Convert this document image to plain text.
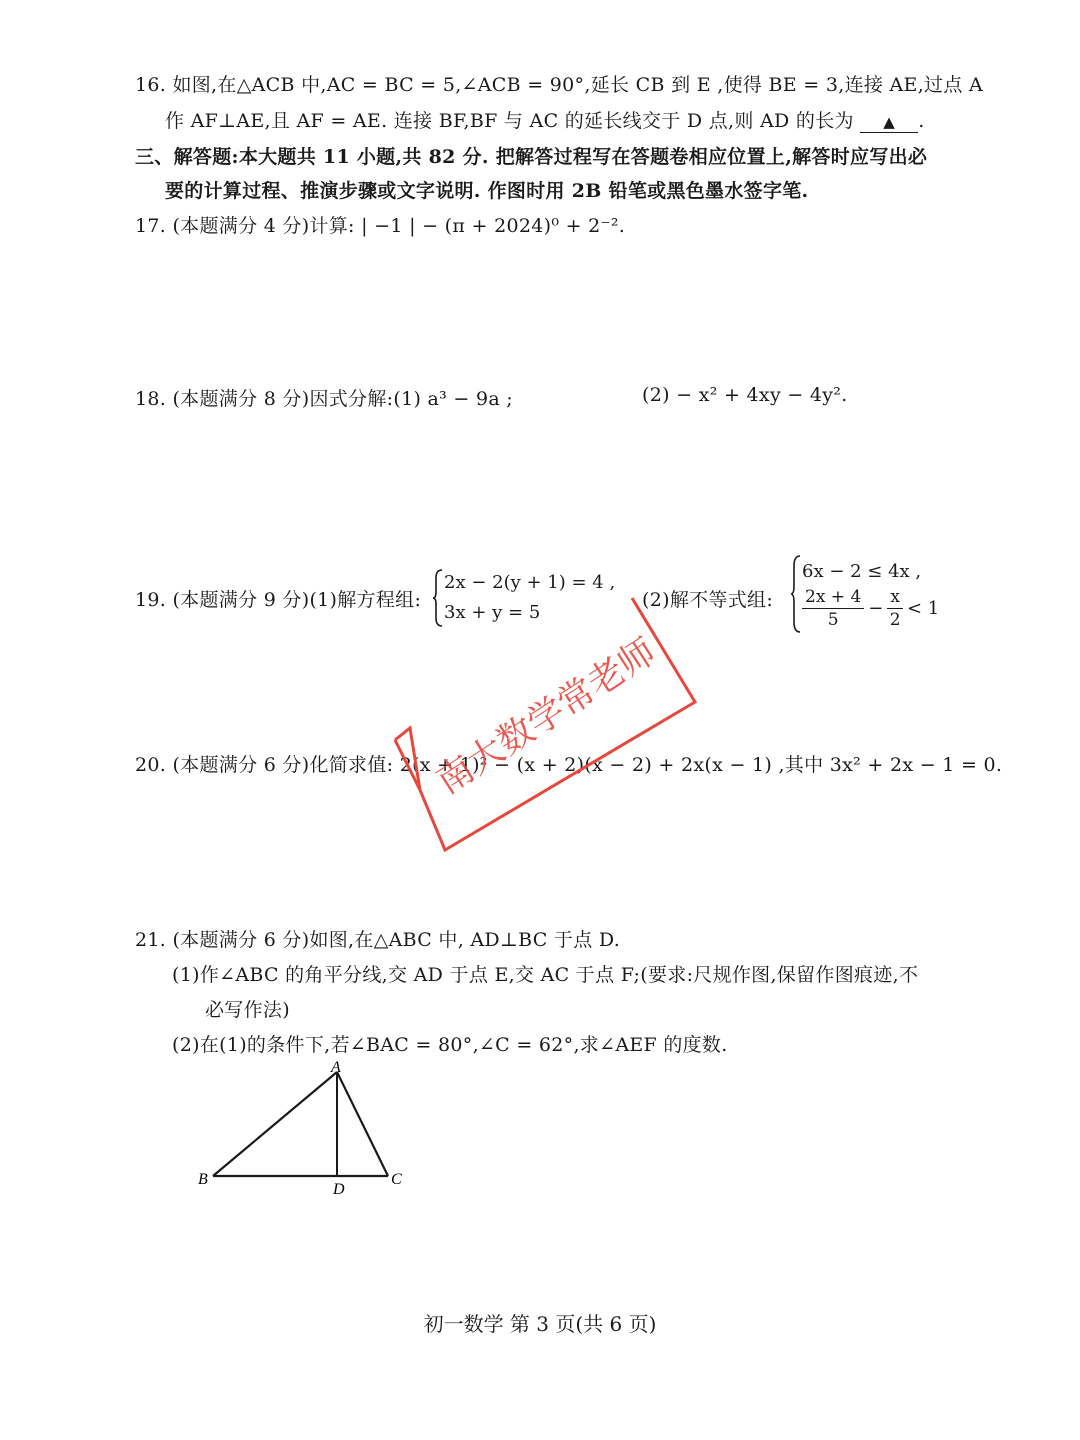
16. 如图,在△ACB 中,AC = BC = 5,∠ACB = 90°,延长 CB 到 E ,使得 BE = 3,连接 AE,过点 A
作 AF⊥AE,且 AF = AE. 连接 BF,BF 与 AC 的延长线交于 D 点,则 AD 的长为 ▲ .
三、解答题:本大题共 11 小题,共 82 分. 把解答过程写在答题卷相应位置上,解答时应写出必
要的计算过程、推演步骤或文字说明. 作图时用 2B 铅笔或黑色墨水签字笔.
17. (本题满分 4 分)计算: | −1 | − (π + 2024)⁰ + 2⁻².
18. (本题满分 8 分)因式分解:(1) a³ − 9a ;	(2) − x² + 4xy − 4y².
19. (本题满分 9 分)(1)解方程组:
2x − 2(y + 1) = 4 ,
3x + y = 5
(2)解不等式组:
6x − 2 ≤ 4x ,
$\frac{2x + 4}{5} - \frac{x}{2} < 1$
20. (本题满分 6 分)化简求值: 2(x + 1)² − (x + 2)(x − 2) + 2x(x − 1) ,其中 3x² + 2x − 1 = 0.
21. (本题满分 6 分)如图,在△ABC 中, AD⊥BC 于点 D.
(1)作∠ABC 的角平分线,交 AD 于点 E,交 AC 于点 F;(要求:尺规作图,保留作图痕迹,不
必写作法)
(2)在(1)的条件下,若∠BAC = 80°,∠C = 62°,求∠AEF 的度数.
A
B	C
D
南大数学常老师
初一数学 第 3 页(共 6 页)
